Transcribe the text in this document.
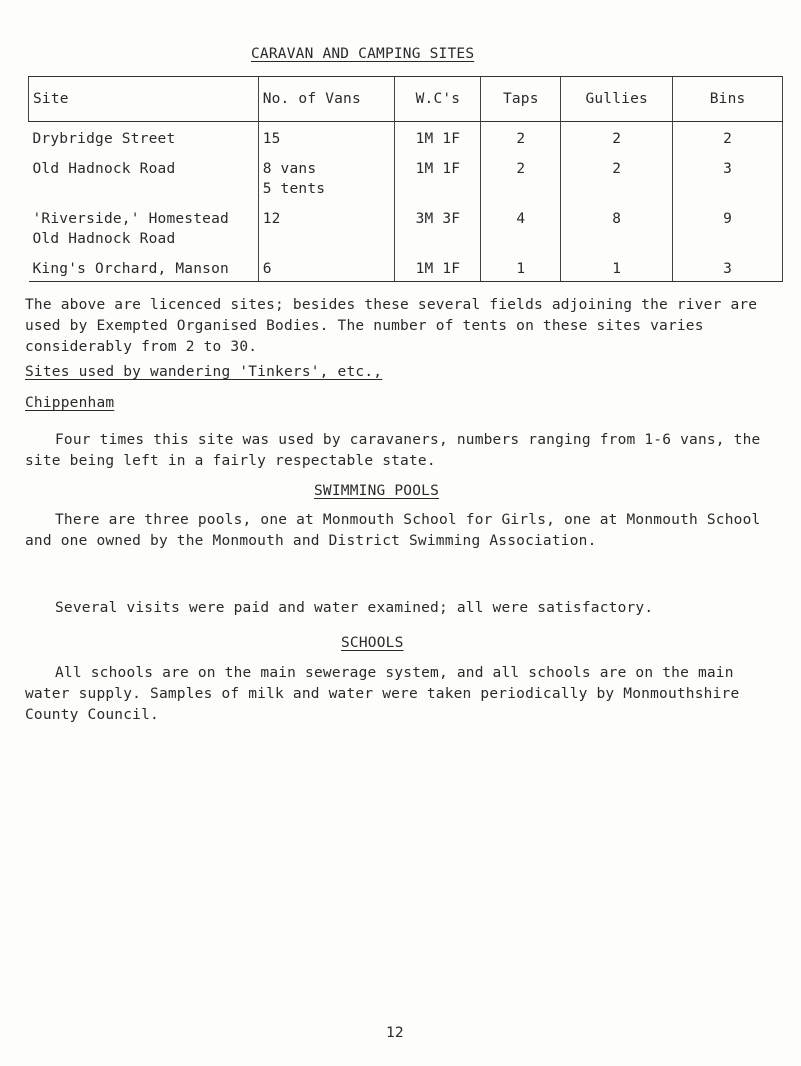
CARAVAN AND CAMPING SITES
Site	No. of Vans	W.C's	Taps	Gullies	Bins

Drybridge Street	15	1M 1F	2	2	2

Old Hadnock Road	8 vans
5 tents	1M 1F	2	2	3

'Riverside,' Homestead
Old Hadnock Road	12	3M 3F	4	8	9

King's Orchard, Manson	6	1M 1F	1	1	3

The above are licenced sites; besides these several fields adjoining the river are used by Exempted Organised Bodies. The number of tents on these sites varies considerably from 2 to 30.

Sites used by wandering 'Tinkers', etc.,
Chippenham

Four times this site was used by caravaners, numbers ranging from 1-6 vans, the site being left in a fairly respectable state.

SWIMMING POOLS

There are three pools, one at Monmouth School for Girls, one at Monmouth School and one owned by the Monmouth and District Swimming Association.

Several visits were paid and water examined; all were satisfactory.

SCHOOLS

All schools are on the main sewerage system, and all schools are on the main water supply. Samples of milk and water were taken periodically by Monmouthshire County Council.

12
